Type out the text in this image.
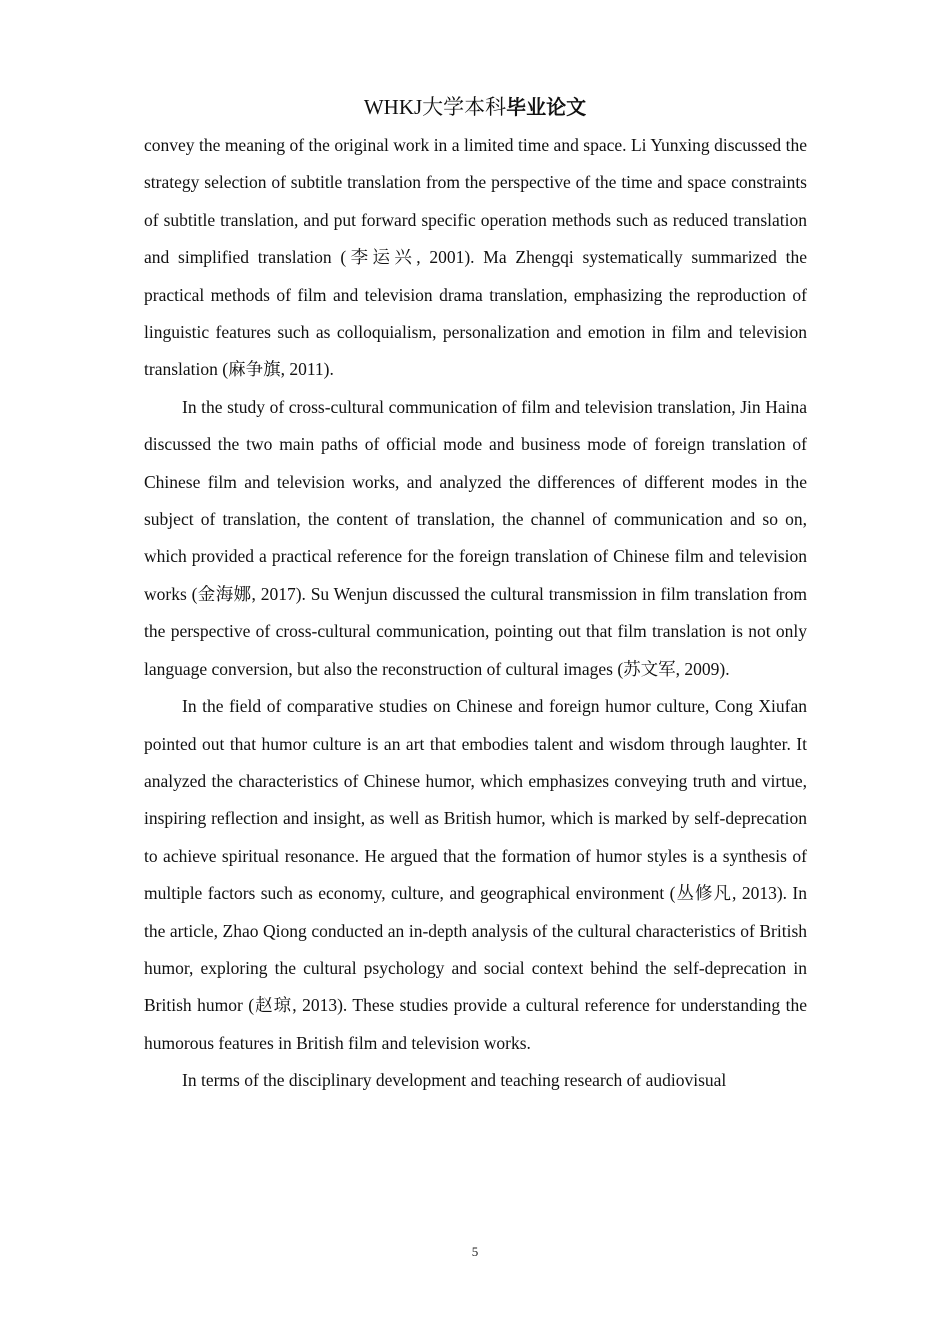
WHKJ大学本科毕业论文

convey the meaning of the original work in a limited time and space. Li Yunxing discussed the strategy selection of subtitle translation from the perspective of the time and space constraints of subtitle translation, and put forward specific operation methods such as reduced translation and simplified translation (李运兴, 2001). Ma Zhengqi systematically summarized the practical methods of film and television drama translation, emphasizing the reproduction of linguistic features such as colloquialism, personalization and emotion in film and television translation (麻争旗, 2011).

In the study of cross-cultural communication of film and television translation, Jin Haina discussed the two main paths of official mode and business mode of foreign translation of Chinese film and television works, and analyzed the differences of different modes in the subject of translation, the content of translation, the channel of communication and so on, which provided a practical reference for the foreign translation of Chinese film and television works (金海娜, 2017). Su Wenjun discussed the cultural transmission in film translation from the perspective of cross-cultural communication, pointing out that film translation is not only language conversion, but also the reconstruction of cultural images (苏文军, 2009).

In the field of comparative studies on Chinese and foreign humor culture, Cong Xiufan pointed out that humor culture is an art that embodies talent and wisdom through laughter. It analyzed the characteristics of Chinese humor, which emphasizes conveying truth and virtue, inspiring reflection and insight, as well as British humor, which is marked by self-deprecation to achieve spiritual resonance. He argued that the formation of humor styles is a synthesis of multiple factors such as economy, culture, and geographical environment (丛修凡, 2013). In the article, Zhao Qiong conducted an in-depth analysis of the cultural characteristics of British humor, exploring the cultural psychology and social context behind the self-deprecation in British humor (赵琼, 2013). These studies provide a cultural reference for understanding the humorous features in British film and television works.

In terms of the disciplinary development and teaching research of audiovisual

5
